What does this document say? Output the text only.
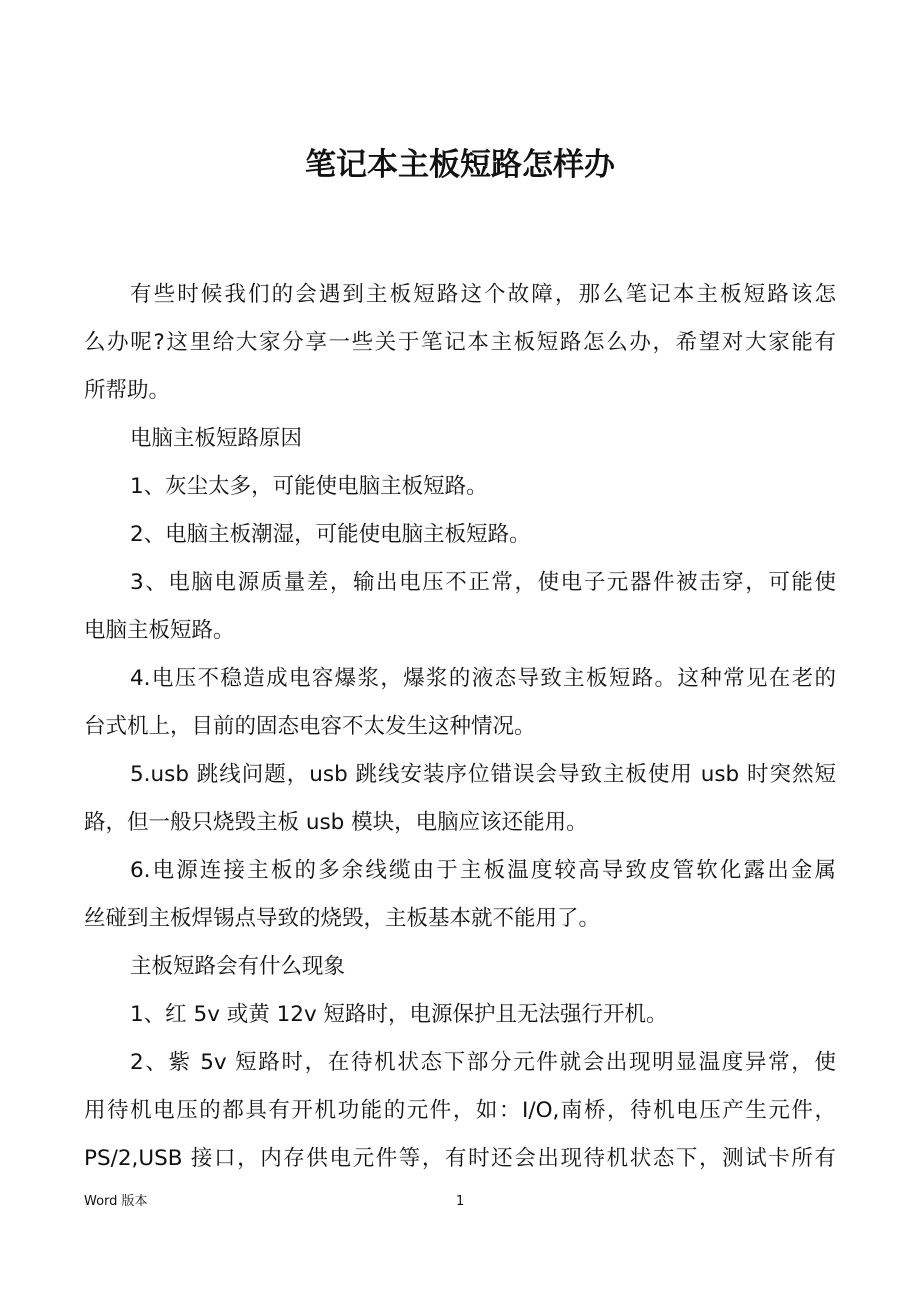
笔记本主板短路怎样办
有些时候我们的会遇到主板短路这个故障，那么笔记本主板短路该怎
么办呢?这里给大家分享一些关于笔记本主板短路怎么办，希望对大家能有
所帮助。
电脑主板短路原因
1、灰尘太多，可能使电脑主板短路。
2、电脑主板潮湿，可能使电脑主板短路。
3、电脑电源质量差，输出电压不正常，使电子元器件被击穿，可能使
电脑主板短路。
4.电压不稳造成电容爆浆，爆浆的液态导致主板短路。这种常见在老的
台式机上，目前的固态电容不太发生这种情况。
5.usb 跳线问题，usb 跳线安装序位错误会导致主板使用 usb 时突然短
路，但一般只烧毁主板 usb 模块，电脑应该还能用。
6.电源连接主板的多余线缆由于主板温度较高导致皮管软化露出金属
丝碰到主板焊锡点导致的烧毁，主板基本就不能用了。
主板短路会有什么现象
1、红 5v 或黄 12v 短路时，电源保护且无法强行开机。
2、紫 5v 短路时，在待机状态下部分元件就会出现明显温度异常，使
用待机电压的都具有开机功能的元件，如：I/O,南桥，待机电压产生元件，
PS/2,USB 接口，内存供电元件等，有时还会出现待机状态下，测试卡所有
Word 版本	1
